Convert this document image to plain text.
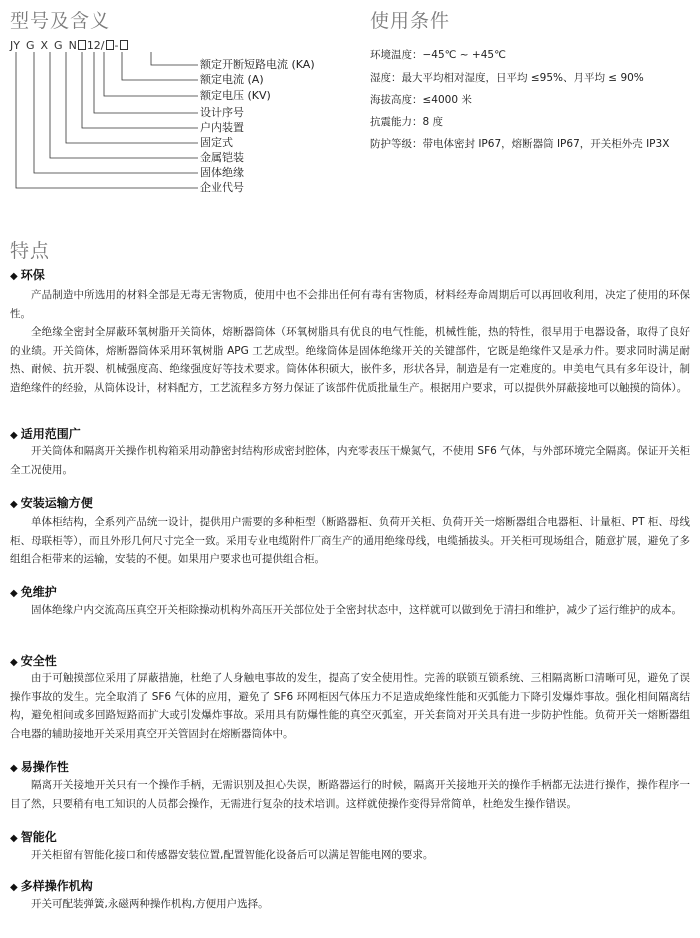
型号及含义
JY G X G N 12/ -
额定开断短路电流 (KA)
额定电流 (A)
额定电压 (KV)
设计序号
户内装置
固定式
金属铠装
固体绝缘
企业代号
使用条件
环境温度：−45℃ ~ +45℃
湿度：最大平均相对湿度，日平均 ≤95%、月平均 ≤ 90%
海拔高度：≤4000 米
抗震能力：8 度
防护等级：带电体密封 IP67，熔断器筒 IP67，开关柜外壳 IP3X
特点
◆ 环保

产品制造中所选用的材料全部是无毒无害物质，使用中也不会排出任何有毒有害物质，材料经寿命周期后可以再回收利用，决定了使用的环保性。

全绝缘全密封全屏蔽环氧树脂开关筒体，熔断器筒体（环氧树脂具有优良的电气性能，机械性能，热的特性，很早用于电器设备，取得了良好的业绩。开关筒体，熔断器筒体采用环氧树脂 APG 工艺成型。绝缘筒体是固体绝缘开关的关键部件，它既是绝缘件又是承力件。要求同时满足耐热、耐候、抗开裂、机械强度高、绝缘强度好等技术要求。筒体体积硕大，嵌件多，形状各异，制造是有一定难度的。申美电气具有多年设计，制造绝缘件的经验，从筒体设计，材料配方，工艺流程多方努力保证了该部件优质批量生产。根据用户要求，可以提供外屏蔽接地可以触摸的筒体）。

◆ 适用范围广

开关筒体和隔离开关操作机构箱采用动静密封结构形成密封腔体，内充零表压干燥氮气，不使用 SF6 气体，与外部环境完全隔离。保证开关柜全工况使用。

◆ 安装运输方便

单体柜结构，全系列产品统一设计，提供用户需要的多种柜型（断路器柜、负荷开关柜、负荷开关一熔断器组合电器柜、计量柜、PT 柜、母线柜、母联柜等），而且外形几何尺寸完全一致。采用专业电缆附件厂商生产的通用绝缘母线，电缆插拔头。开关柜可现场组合，随意扩展，避免了多组组合柜带来的运输，安装的不便。如果用户要求也可提供组合柜。

◆ 免维护

固体绝缘户内交流高压真空开关柜除操动机构外高压开关部位处于全密封状态中，这样就可以做到免于清扫和维护，减少了运行维护的成本。

◆ 安全性

由于可触摸部位采用了屏蔽措施，杜绝了人身触电事故的发生，提高了安全使用性。完善的联锁互锁系统、三相隔离断口清晰可见，避免了误操作事故的发生。完全取消了 SF6 气体的应用，避免了 SF6 环网柜因气体压力不足造成绝缘性能和灭弧能力下降引发爆炸事故。强化相间隔离结构，避免相间或多回路短路而扩大或引发爆炸事故。采用具有防爆性能的真空灭弧室，开关套筒对开关具有进一步防护性能。负荷开关一熔断器组合电器的辅助接地开关采用真空开关管固封在熔断器筒体中。

◆ 易操作性

隔离开关接地开关只有一个操作手柄，无需识别及担心失误，断路器运行的时候，隔离开关接地开关的操作手柄都无法进行操作，操作程序一目了然，只要稍有电工知识的人员都会操作，无需进行复杂的技术培训。这样就使操作变得异常简单，杜绝发生操作错误。

◆ 智能化

开关柜留有智能化接口和传感器安装位置,配置智能化设备后可以满足智能电网的要求。

◆ 多样操作机构

开关可配装弹簧,永磁两种操作机构,方便用户选择。
